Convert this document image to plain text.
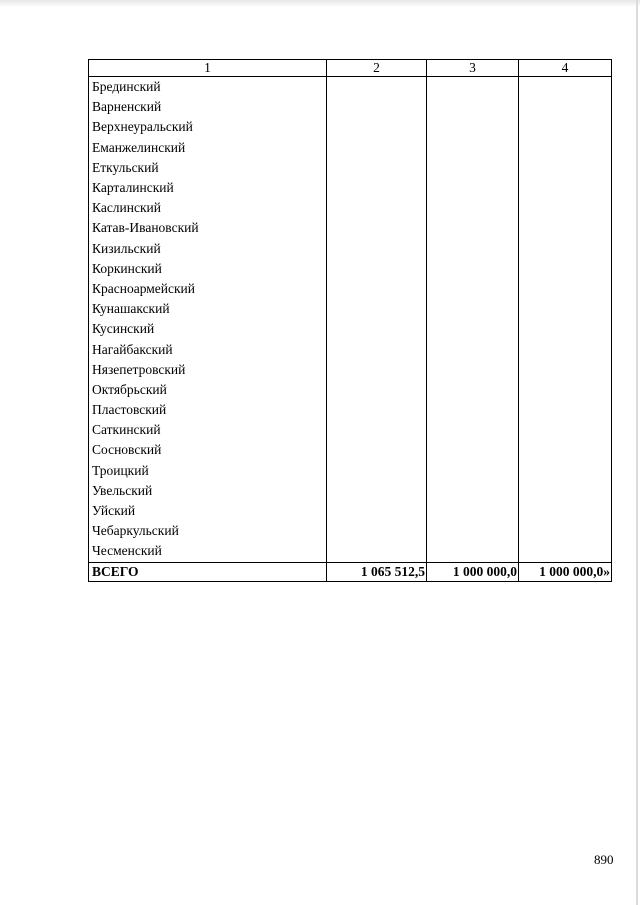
1	2	3	4
Брединский			
Варненский			
Верхнеуральский			
Еманжелинский			
Еткульский			
Карталинский			
Каслинский			
Катав-Ивановский			
Кизильский			
Коркинский			
Красноармейский			
Кунашакский			
Кусинский			
Нагайбакский			
Нязепетровский			
Октябрьский			
Пластовский			
Саткинский			
Сосновский			
Троицкий			
Увельский			
Уйский			
Чебаркульский			
Чесменский			
ВСЕГО	1 065 512,5	1 000 000,0	1 000 000,0»
890
